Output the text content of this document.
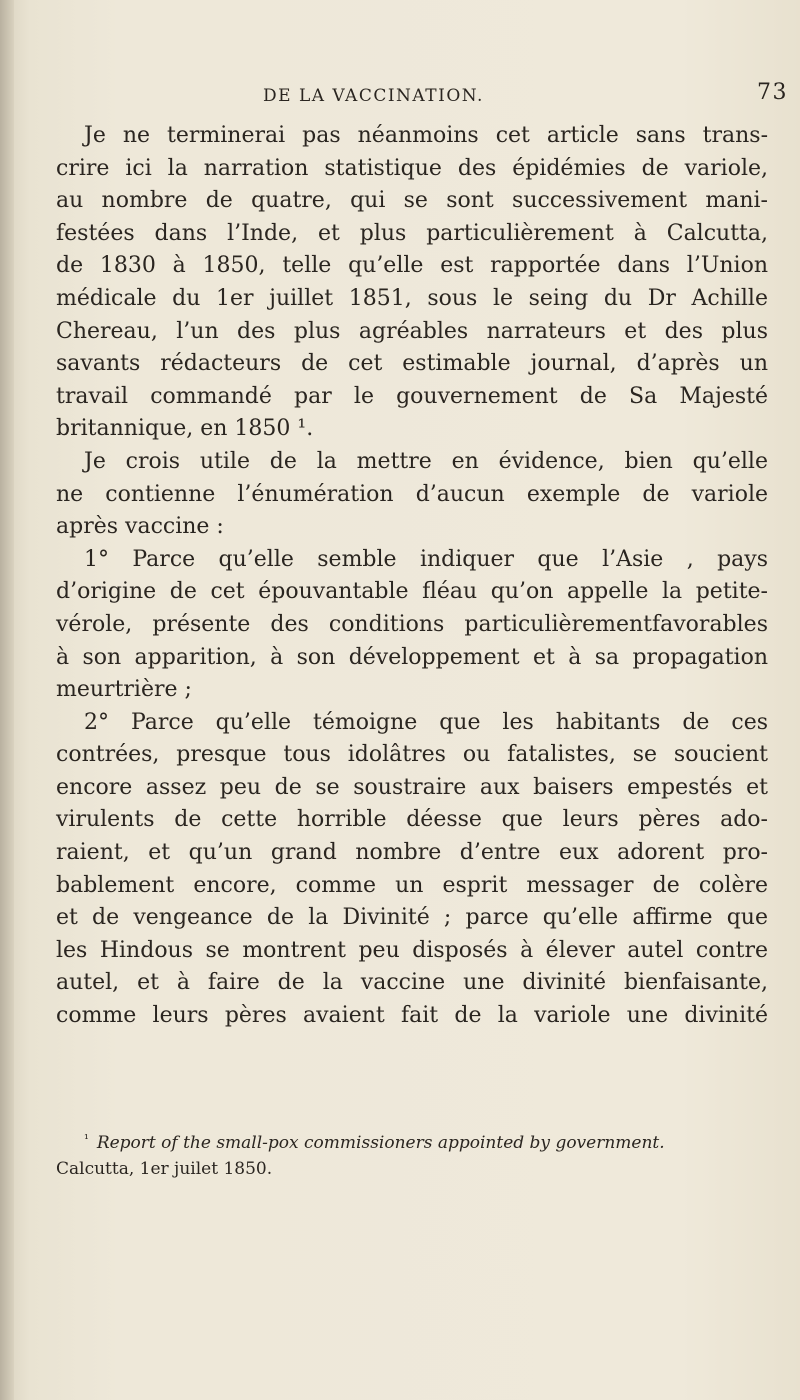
DE LA VACCINATION.	73
Je ne terminerai pas néanmoins cet article sans trans-
crire ici la narration statistique des épidémies de variole,
au nombre de quatre, qui se sont successivement mani-
festées dans l’Inde, et plus particulièrement à Calcutta,
de 1830 à 1850, telle qu’elle est rapportée dans l’Union
médicale du 1er juillet 1851, sous le seing du Dr Achille
Chereau, l’un des plus agréables narrateurs et des plus
savants rédacteurs de cet estimable journal, d’après un
travail commandé par le gouvernement de Sa Majesté
britannique, en 1850 ¹.
Je crois utile de la mettre en évidence, bien qu’elle
ne contienne l’énumération d’aucun exemple de variole
après vaccine :
1° Parce qu’elle semble indiquer que l’Asie , pays
d’origine de cet épouvantable fléau qu’on appelle la petite-
vérole, présente des conditions particulièrementfavorables
à son apparition, à son développement et à sa propagation
meurtrière ;
2° Parce qu’elle témoigne que les habitants de ces
contrées, presque tous idolâtres ou fatalistes, se soucient
encore assez peu de se soustraire aux baisers empestés et
virulents de cette horrible déesse que leurs pères ado-
raient, et qu’un grand nombre d’entre eux adorent pro-
bablement encore, comme un esprit messager de colère
et de vengeance de la Divinité ; parce qu’elle affirme que
les Hindous se montrent peu disposés à élever autel contre
autel, et à faire de la vaccine une divinité bienfaisante,
comme leurs pères avaient fait de la variole une divinité
$^{^1}$ Report of the small-pox commissioners appointed by government.
Calcutta, 1er juilet 1850.
